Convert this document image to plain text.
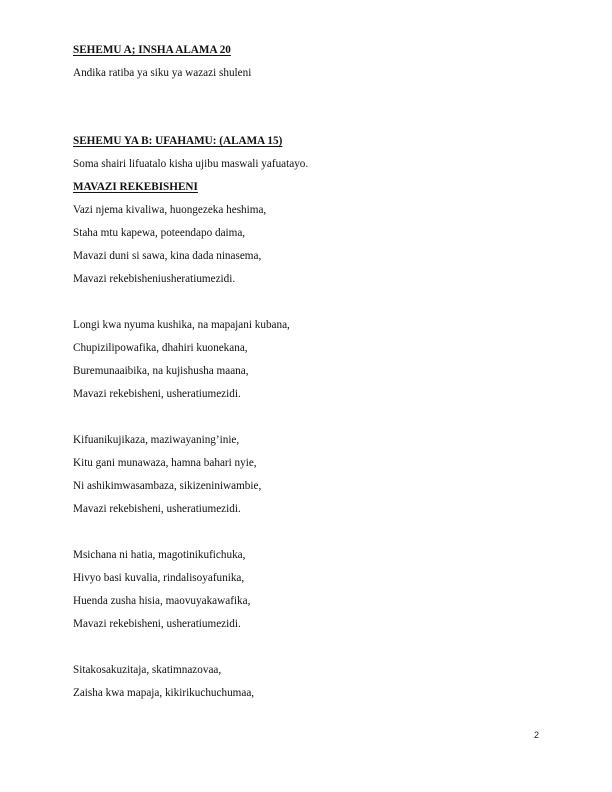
SEHEMU A; INSHA ALAMA 20
Andika ratiba ya siku ya wazazi shuleni
SEHEMU YA B: UFAHAMU: (ALAMA 15)
Soma shairi lifuatalo kisha ujibu maswali yafuatayo.
MAVAZI REKEBISHENI
Vazi njema kivaliwa, huongezeka heshima,
Staha mtu kapewa, poteendapo daima,
Mavazi duni si sawa, kina dada ninasema,
Mavazi rekebisheniusheratiumezidi.
Longi kwa nyuma kushika, na mapajani kubana,
Chupizilipowafika, dhahiri kuonekana,
Buremunaaibika, na kujishusha maana,
Mavazi rekebisheni, usheratiumezidi.
Kifuanikujikaza, maziwayaning’inie,
Kitu gani munawaza, hamna bahari nyie,
Ni ashikimwasambaza, sikizeniniwambie,
Mavazi rekebisheni, usheratiumezidi.
Msichana ni hatia, magotinikufichuka,
Hivyo basi kuvalia, rindalisoyafunika,
Huenda zusha hisia, maovuyakawafika,
Mavazi rekebisheni, usheratiumezidi.
Sitakosakuzitaja, skatimnazovaa,
Zaisha kwa mapaja, kikirikuchuchumaa,
2
